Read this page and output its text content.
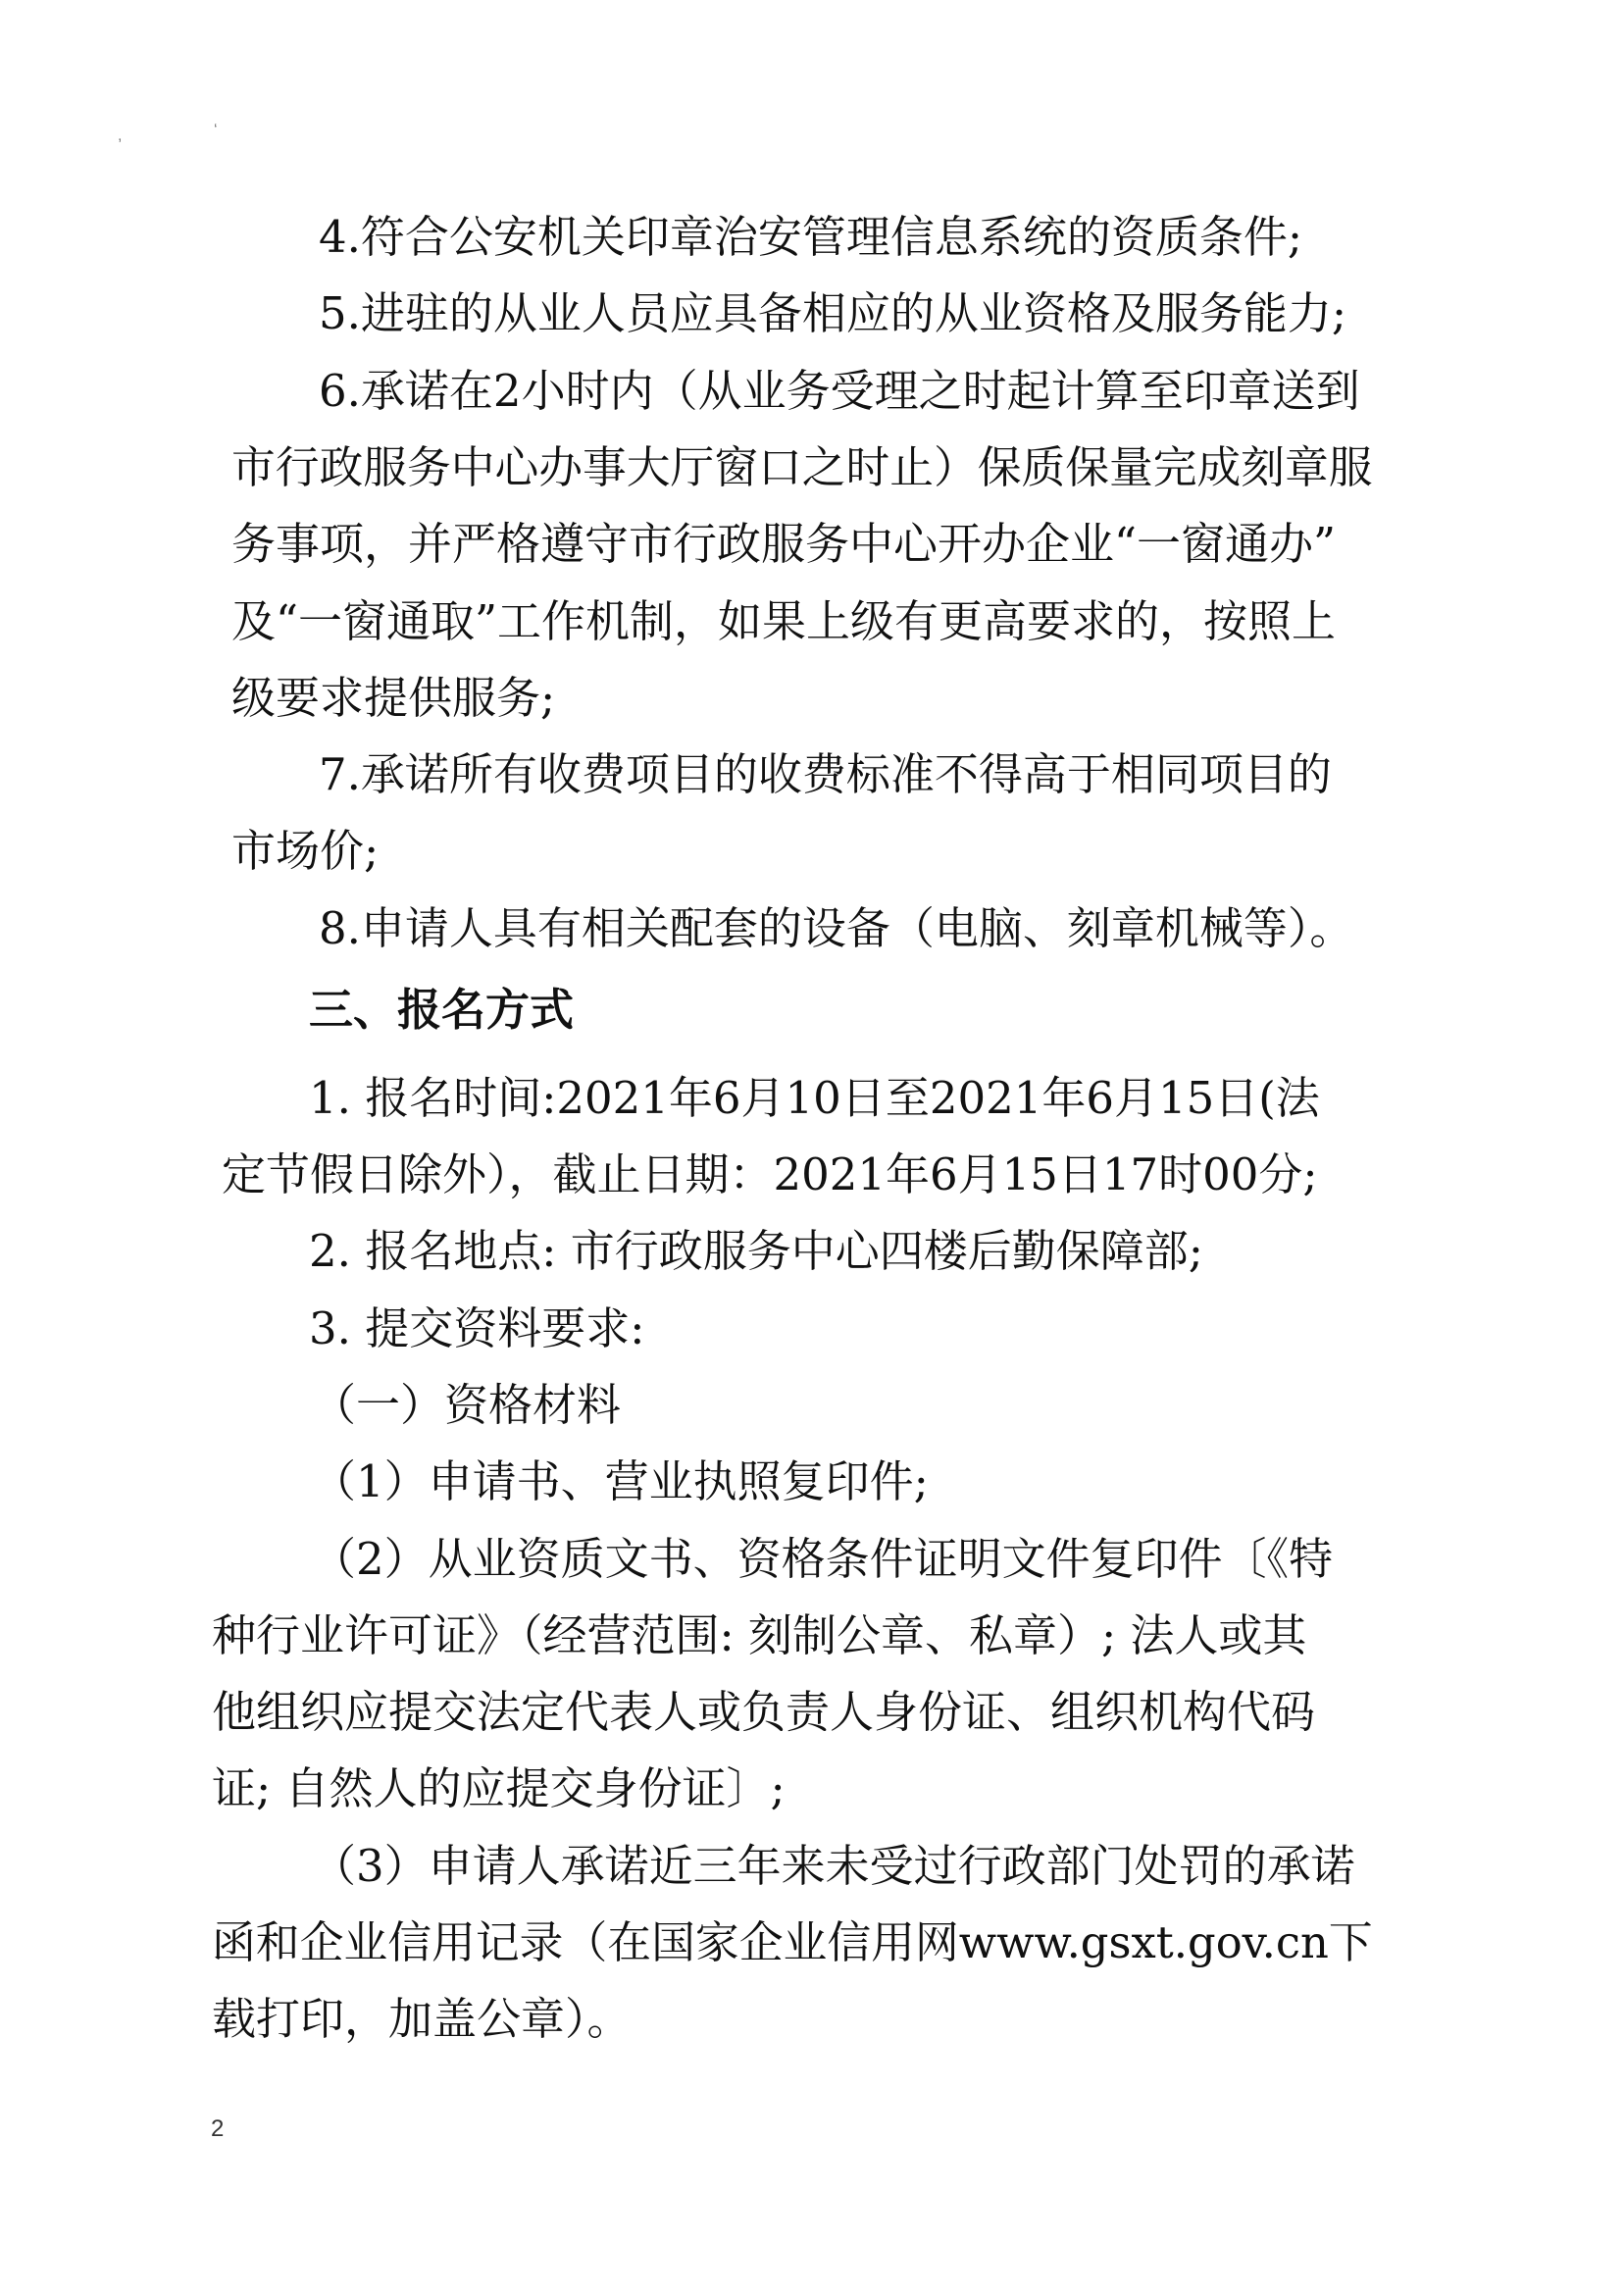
,	‘
4.符合公安机关印章治安管理信息系统的资质条件;
5.进驻的从业人员应具备相应的从业资格及服务能力;
6.承诺在2小时内（从业务受理之时起计算至印章送到
市行政服务中心办事大厅窗口之时止）保质保量完成刻章服
务事项，并严格遵守市行政服务中心开办企业“一窗通办”
及“一窗通取”工作机制，如果上级有更高要求的，按照上
级要求提供服务;
7.承诺所有收费项目的收费标准不得高于相同项目的
市场价;
8.申请人具有相关配套的设备（电脑、刻章机械等）。
三、报名方式
1. 报名时间:2021年6月10日至2021年6月15日(法
定节假日除外），截止日期：2021年6月15日17时00分;
2. 报名地点: 市行政服务中心四楼后勤保障部;
3. 提交资料要求:
（一）资格材料
（1）申请书、营业执照复印件;
（2）从业资质文书、资格条件证明文件复印件〔《特
种行业许可证》（经营范围: 刻制公章、私章）; 法人或其
他组织应提交法定代表人或负责人身份证、组织机构代码
证; 自然人的应提交身份证〕;
（3）申请人承诺近三年来未受过行政部门处罚的承诺
函和企业信用记录（在国家企业信用网www.gsxt.gov.cn下
载打印，加盖公章）。
2
